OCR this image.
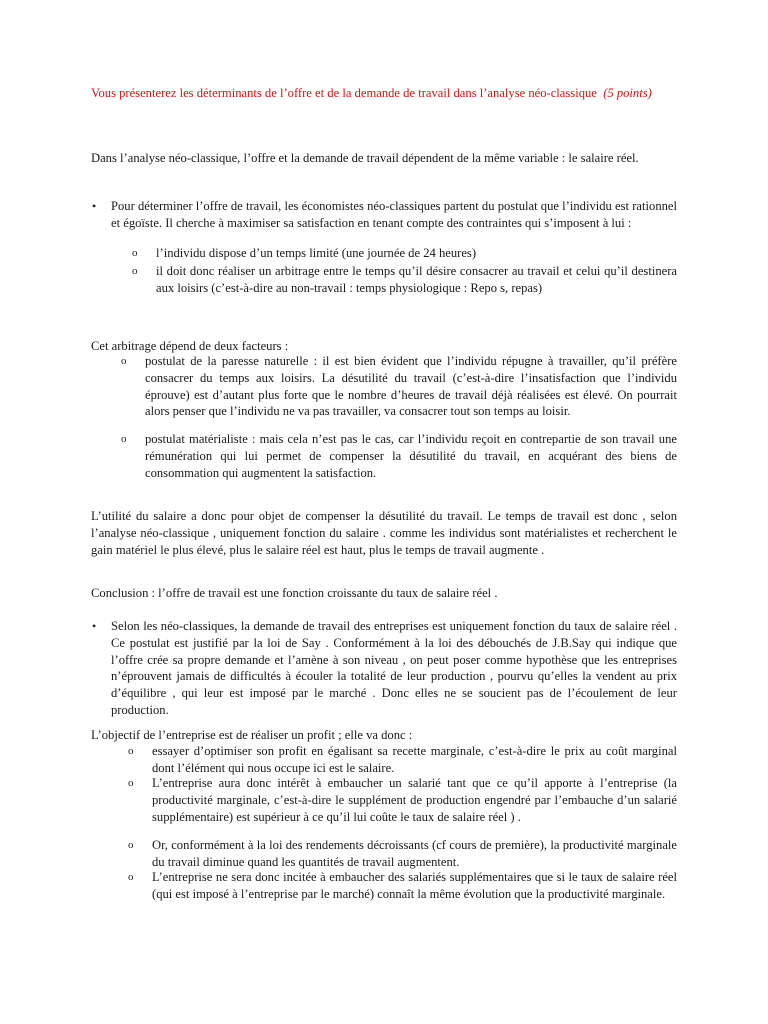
Vous présenterez les déterminants de l’offre et de la demande de travail dans l’analyse néo-classique (5 points)
Dans l’analyse néo-classique, l’offre et la demande de travail dépendent de la même variable : le salaire réel.
• Pour déterminer l’offre de travail, les économistes néo-classiques partent du postulat que l’individu est rationnel et égoïste. Il cherche à maximiser sa satisfaction en tenant compte des contraintes qui s’imposent à lui :
o l’individu dispose d’un temps limité (une journée de 24 heures)
o il doit donc réaliser un arbitrage entre le temps qu’il désire consacrer au travail et celui qu’il destinera aux loisirs (c’est-à-dire au non-travail : temps physiologique : Repo s, repas)
Cet arbitrage dépend de deux facteurs :
o postulat de la paresse naturelle : il est bien évident que l’individu répugne à travailler, qu’il préfère consacrer du temps aux loisirs. La désutilité du travail (c’est-à-dire l’insatisfaction que l’individu éprouve) est d’autant plus forte que le nombre d’heures de travail déjà réalisées est élevé. On pourrait alors penser que l’individu ne va pas travailler, va consacrer tout son temps au loisir.
o postulat matérialiste : mais cela n’est pas le cas, car l’individu reçoit en contrepartie de son travail une rémunération qui lui permet de compenser la désutilité du travail, en acquérant des biens de consommation qui augmentent la satisfaction.
L’utilité du salaire a donc pour objet de compenser la désutilité du travail. Le temps de travail est donc , selon l’analyse néo-classique , uniquement fonction du salaire . comme les individus sont matérialistes et recherchent le gain matériel le plus élevé, plus le salaire réel est haut, plus le temps de travail augmente .
Conclusion : l’offre de travail est une fonction croissante du taux de salaire réel .
• Selon les néo-classiques, la demande de travail des entreprises est uniquement fonction du taux de salaire réel . Ce postulat est justifié par la loi de Say . Conformément à la loi des débouchés de J.B.Say qui indique que l’offre crée sa propre demande et l’amène à son niveau , on peut poser comme hypothèse que les entreprises n’éprouvent jamais de difficultés à écouler la totalité de leur production , pourvu qu’elles la vendent au prix d’équilibre , qui leur est imposé par le marché . Donc elles ne se soucient pas de l’écoulement de leur production.
L’objectif de l’entreprise est de réaliser un profit ; elle va donc :
o essayer d’optimiser son profit en égalisant sa recette marginale, c’est-à-dire le prix au coût marginal dont l’élément qui nous occupe ici est le salaire.
o L’entreprise aura donc intérêt à embaucher un salarié tant que ce qu’il apporte à l’entreprise (la productivité marginale, c’est-à-dire le supplément de production engendré par l’embauche d’un salarié supplémentaire) est supérieur à ce qu’il lui coûte le taux de salaire réel ) .
o Or, conformément à la loi des rendements décroissants (cf cours de première), la productivité marginale du travail diminue quand les quantités de travail augmentent.
o L’entreprise ne sera donc incitée à embaucher des salariés supplémentaires que si le taux de salaire réel (qui est imposé à l’entreprise par le marché) connaît la même évolution que la productivité marginale.
